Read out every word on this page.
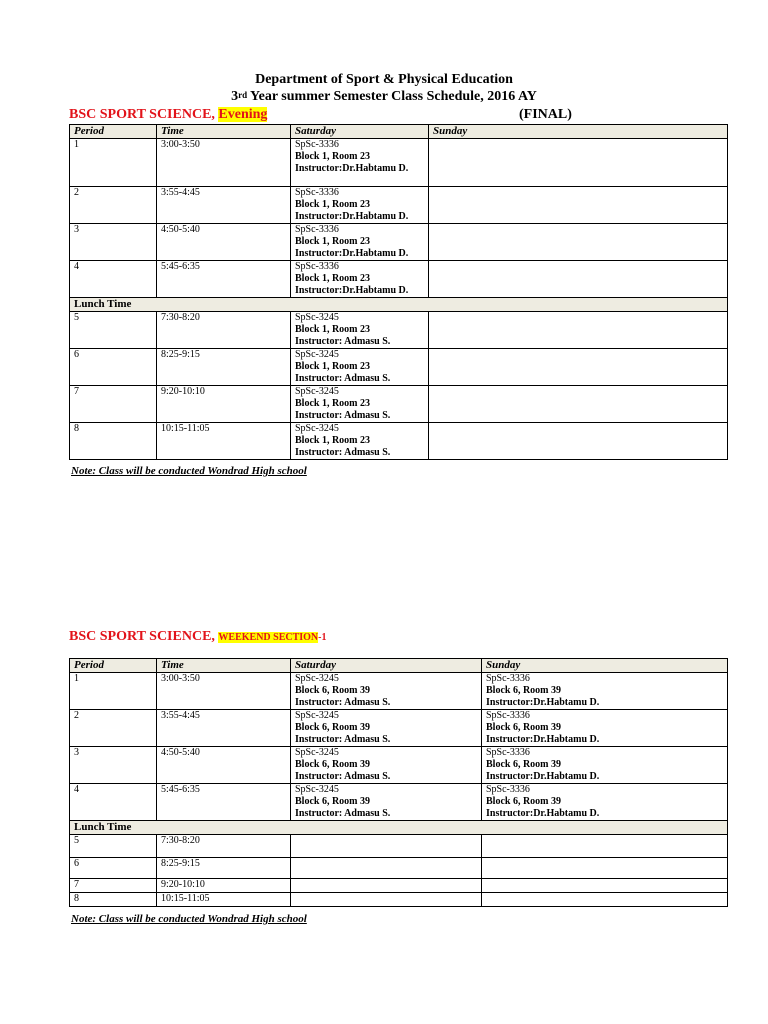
Department of Sport & Physical Education
3rd Year summer Semester Class Schedule, 2016 AY
BSC SPORT SCIENCE, Evening	(FINAL)
Period	Time	Saturday	Sunday
1	3:00-3:50	SpSc-3336
Block 1, Room 23
Instructor:Dr.Habtamu D.	

2	3:55-4:45	SpSc-3336
Block 1, Room 23
Instructor:Dr.Habtamu D.	

3	4:50-5:40	SpSc-3336
Block 1, Room 23
Instructor:Dr.Habtamu D.	

4	5:45-6:35	SpSc-3336
Block 1, Room 23
Instructor:Dr.Habtamu D.	

Lunch Time			
5	7:30-8:20	SpSc-3245
Block 1, Room 23
Instructor: Admasu S.	

6	8:25-9:15	SpSc-3245
Block 1, Room 23
Instructor: Admasu S.	

7	9:20-10:10	SpSc-3245
Block 1, Room 23
Instructor: Admasu S.	

8	10:15-11:05	SpSc-3245
Block 1, Room 23
Instructor: Admasu S.	

Note: Class will be conducted Wondrad High school
BSC SPORT SCIENCE, WEEKEND SECTION-1
Period	Time	Saturday	Sunday
1	3:00-3:50	SpSc-3245
Block 6, Room 39
Instructor: Admasu S.	SpSc-3336
Block 6, Room 39
Instructor:Dr.Habtamu D.

2	3:55-4:45	SpSc-3245
Block 6, Room 39
Instructor: Admasu S.	SpSc-3336
Block 6, Room 39
Instructor:Dr.Habtamu D.

3	4:50-5:40	SpSc-3245
Block 6, Room 39
Instructor: Admasu S.	SpSc-3336
Block 6, Room 39
Instructor:Dr.Habtamu D.

4	5:45-6:35	SpSc-3245
Block 6, Room 39
Instructor: Admasu S.	SpSc-3336
Block 6, Room 39
Instructor:Dr.Habtamu D.

Lunch Time			
5	7:30-8:20		
6	8:25-9:15		
7	9:20-10:10		
8	10:15-11:05		
Note: Class will be conducted Wondrad High school
